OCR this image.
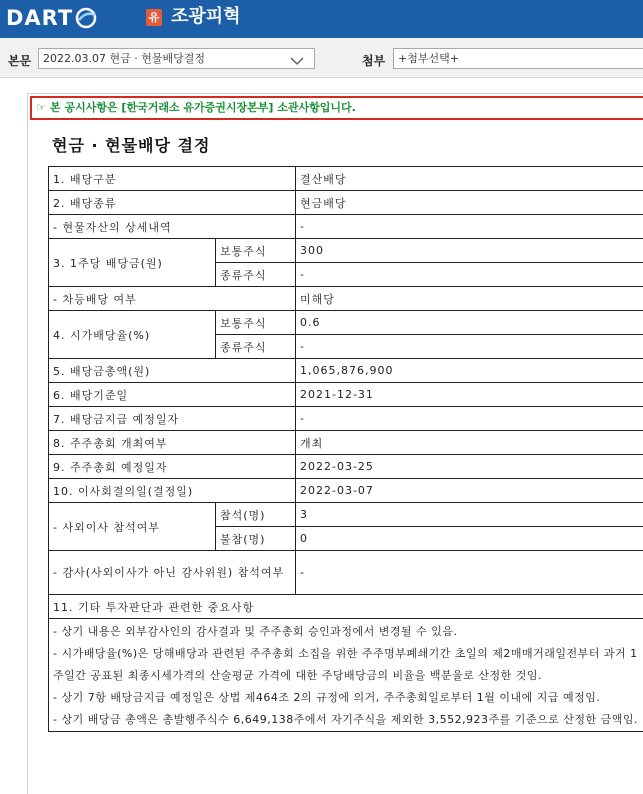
DART	유 조광피혁
본문	2022.03.07 현금 · 현물배당결정	첨부	+첨부선택+
☞ 본 공시사항은 [한국거래소 유가증권시장본부] 소관사항입니다.
현금 · 현물배당 결정
1. 배당구분		결산배당
2. 배당종류		현금배당
- 현물자산의 상세내역		-
3. 1주당 배당금(원)	보통주식	300
	종류주식	-
- 차등배당 여부		미해당
4. 시가배당율(%)	보통주식	0.6
	종류주식	-
5. 배당금총액(원)		1,065,876,900
6. 배당기준일		2021-12-31
7. 배당금지급 예정일자		-
8. 주주총회 개최여부		개최
9. 주주총회 예정일자		2022-03-25
10. 이사회결의일(결정일)		2022-03-07
- 사외이사 참석여부	참석(명)	3
	불참(명)	0
- 감사(사외이사가 아닌 감사위원) 참석여부		-
11. 기타 투자판단과 관련한 중요사항		

- 상기 내용은 외부감사인의 감사결과 및 주주총회 승인과정에서 변경될 수 있음.
- 시가배당율(%)은 당해배당과 관련된 주주총회 소집을 위한 주주명부폐쇄기간 초일의 제2매매거래일전부터 과거 1주일간 공표된 최종시세가격의 산술평균 가격에 대한 주당배당금의 비율을 백분율로 산정한 것임.
- 상기 7항 배당금지급 예정일은 상법 제464조 2의 규정에 의거, 주주총회일로부터 1월 이내에 지급 예정임.
- 상기 배당금 총액은 총발행주식수 6,649,138주에서 자기주식을 제외한 3,552,923주를 기준으로 산정한 금액임.		
